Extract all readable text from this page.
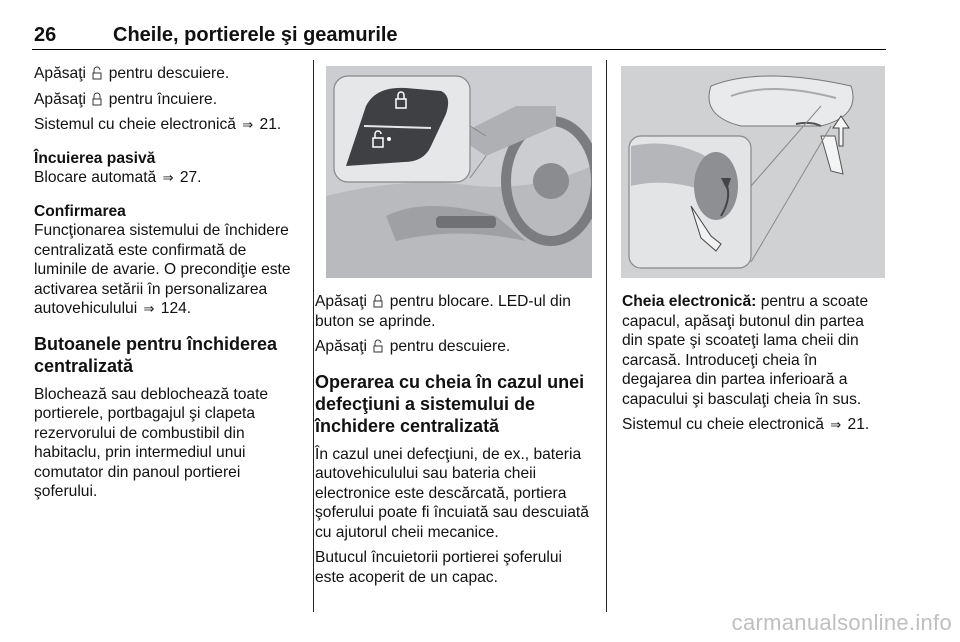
26	Cheile, portierele şi geamurile

Apăsaţi pentru descuiere.

Apăsaţi pentru încuiere.

Sistemul cu cheie electronică ⇒ 21.

Încuierea pasivă

Blocare automată ⇒ 27.

Confirmarea

Funcţionarea sistemului de închidere centralizată este confirmată de luminile de avarie. O precondiţie este activarea setării în personalizarea autovehiculului ⇒ 124.

Butoanele pentru închiderea centralizată

Blochează sau deblochează toate portierele, portbagajul şi clapeta rezervorului de combustibil din habitaclu, prin intermediul unui comutator din panoul portierei şoferului.

Apăsaţi pentru blocare. LED-ul din buton se aprinde.

Apăsaţi pentru descuiere.

Operarea cu cheia în cazul unei defecţiuni a sistemului de închidere centralizată

În cazul unei defecţiuni, de ex., bateria autovehiculului sau bateria cheii electronice este descărcată, portiera şoferului poate fi încuiată sau descuiată cu ajutorul cheii mecanice.

Butucul încuietorii portierei şoferului este acoperit de un capac.

Cheia electronică: pentru a scoate capacul, apăsaţi butonul din partea din spate şi scoateţi lama cheii din carcasă. Introduceţi cheia în degajarea din partea inferioară a capacului şi basculaţi cheia în sus.

Sistemul cu cheie electronică ⇒ 21.

carmanualsonline.info
